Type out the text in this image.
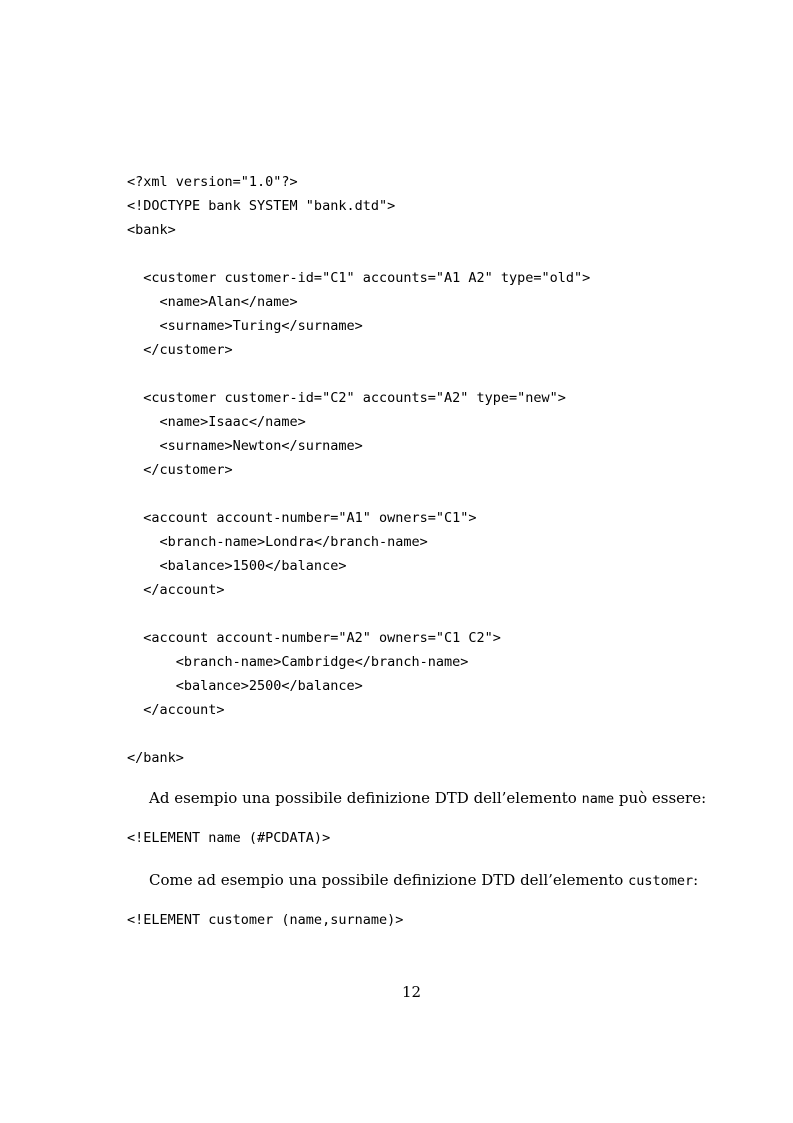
<?xml version="1.0"?>
<!DOCTYPE bank SYSTEM "bank.dtd">
<bank>
<customer customer-id="C1" accounts="A1 A2" type="old">
<name>Alan</name>
<surname>Turing</surname>
</customer>
<customer customer-id="C2" accounts="A2" type="new">
<name>Isaac</name>
<surname>Newton</surname>
</customer>
<account account-number="A1" owners="C1">
<branch-name>Londra</branch-name>
<balance>1500</balance>
</account>
<account account-number="A2" owners="C1 C2">
<branch-name>Cambridge</branch-name>
<balance>2500</balance>
</account>
</bank>
Ad esempio una possibile definizione DTD dell’elemento name può essere:
<!ELEMENT name (#PCDATA)>
Come ad esempio una possibile definizione DTD dell’elemento customer:
<!ELEMENT customer (name,surname)>
12
